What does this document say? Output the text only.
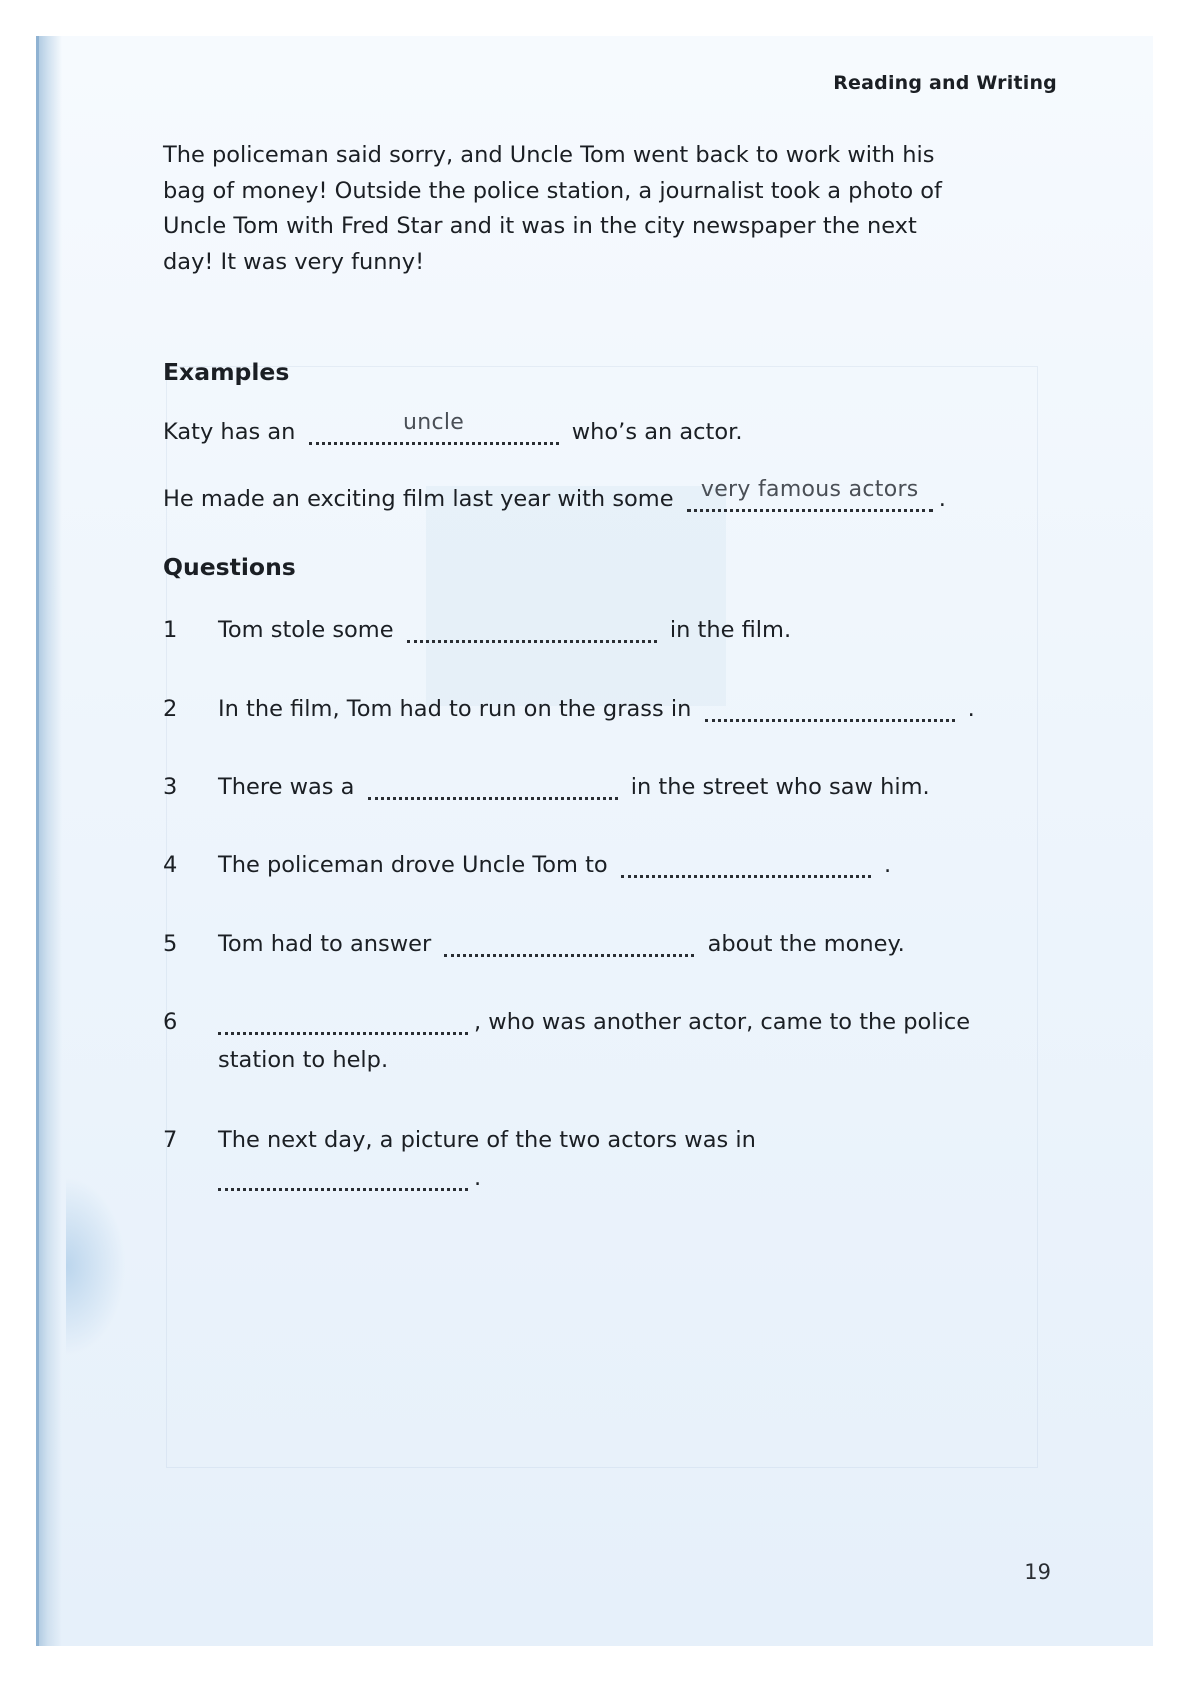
Reading and Writing
The policeman said sorry, and Uncle Tom went back to work with his
bag of money! Outside the police station, a journalist took a photo of
Uncle Tom with Fred Star and it was in the city newspaper the next
day! It was very funny!
Examples
Katy has an	uncle	who’s an actor.
He made an exciting film last year with some	very famous actors .
Questions
1	Tom stole some	in the film.
2	In the film, Tom had to run on the grass in	.
3	There was a	in the street who saw him.
4	The policeman drove Uncle Tom to	.
5	Tom had to answer	about the money.
6	, who was another actor, came to the police
station to help.
7	The next day, a picture of the two actors was in
.
19
